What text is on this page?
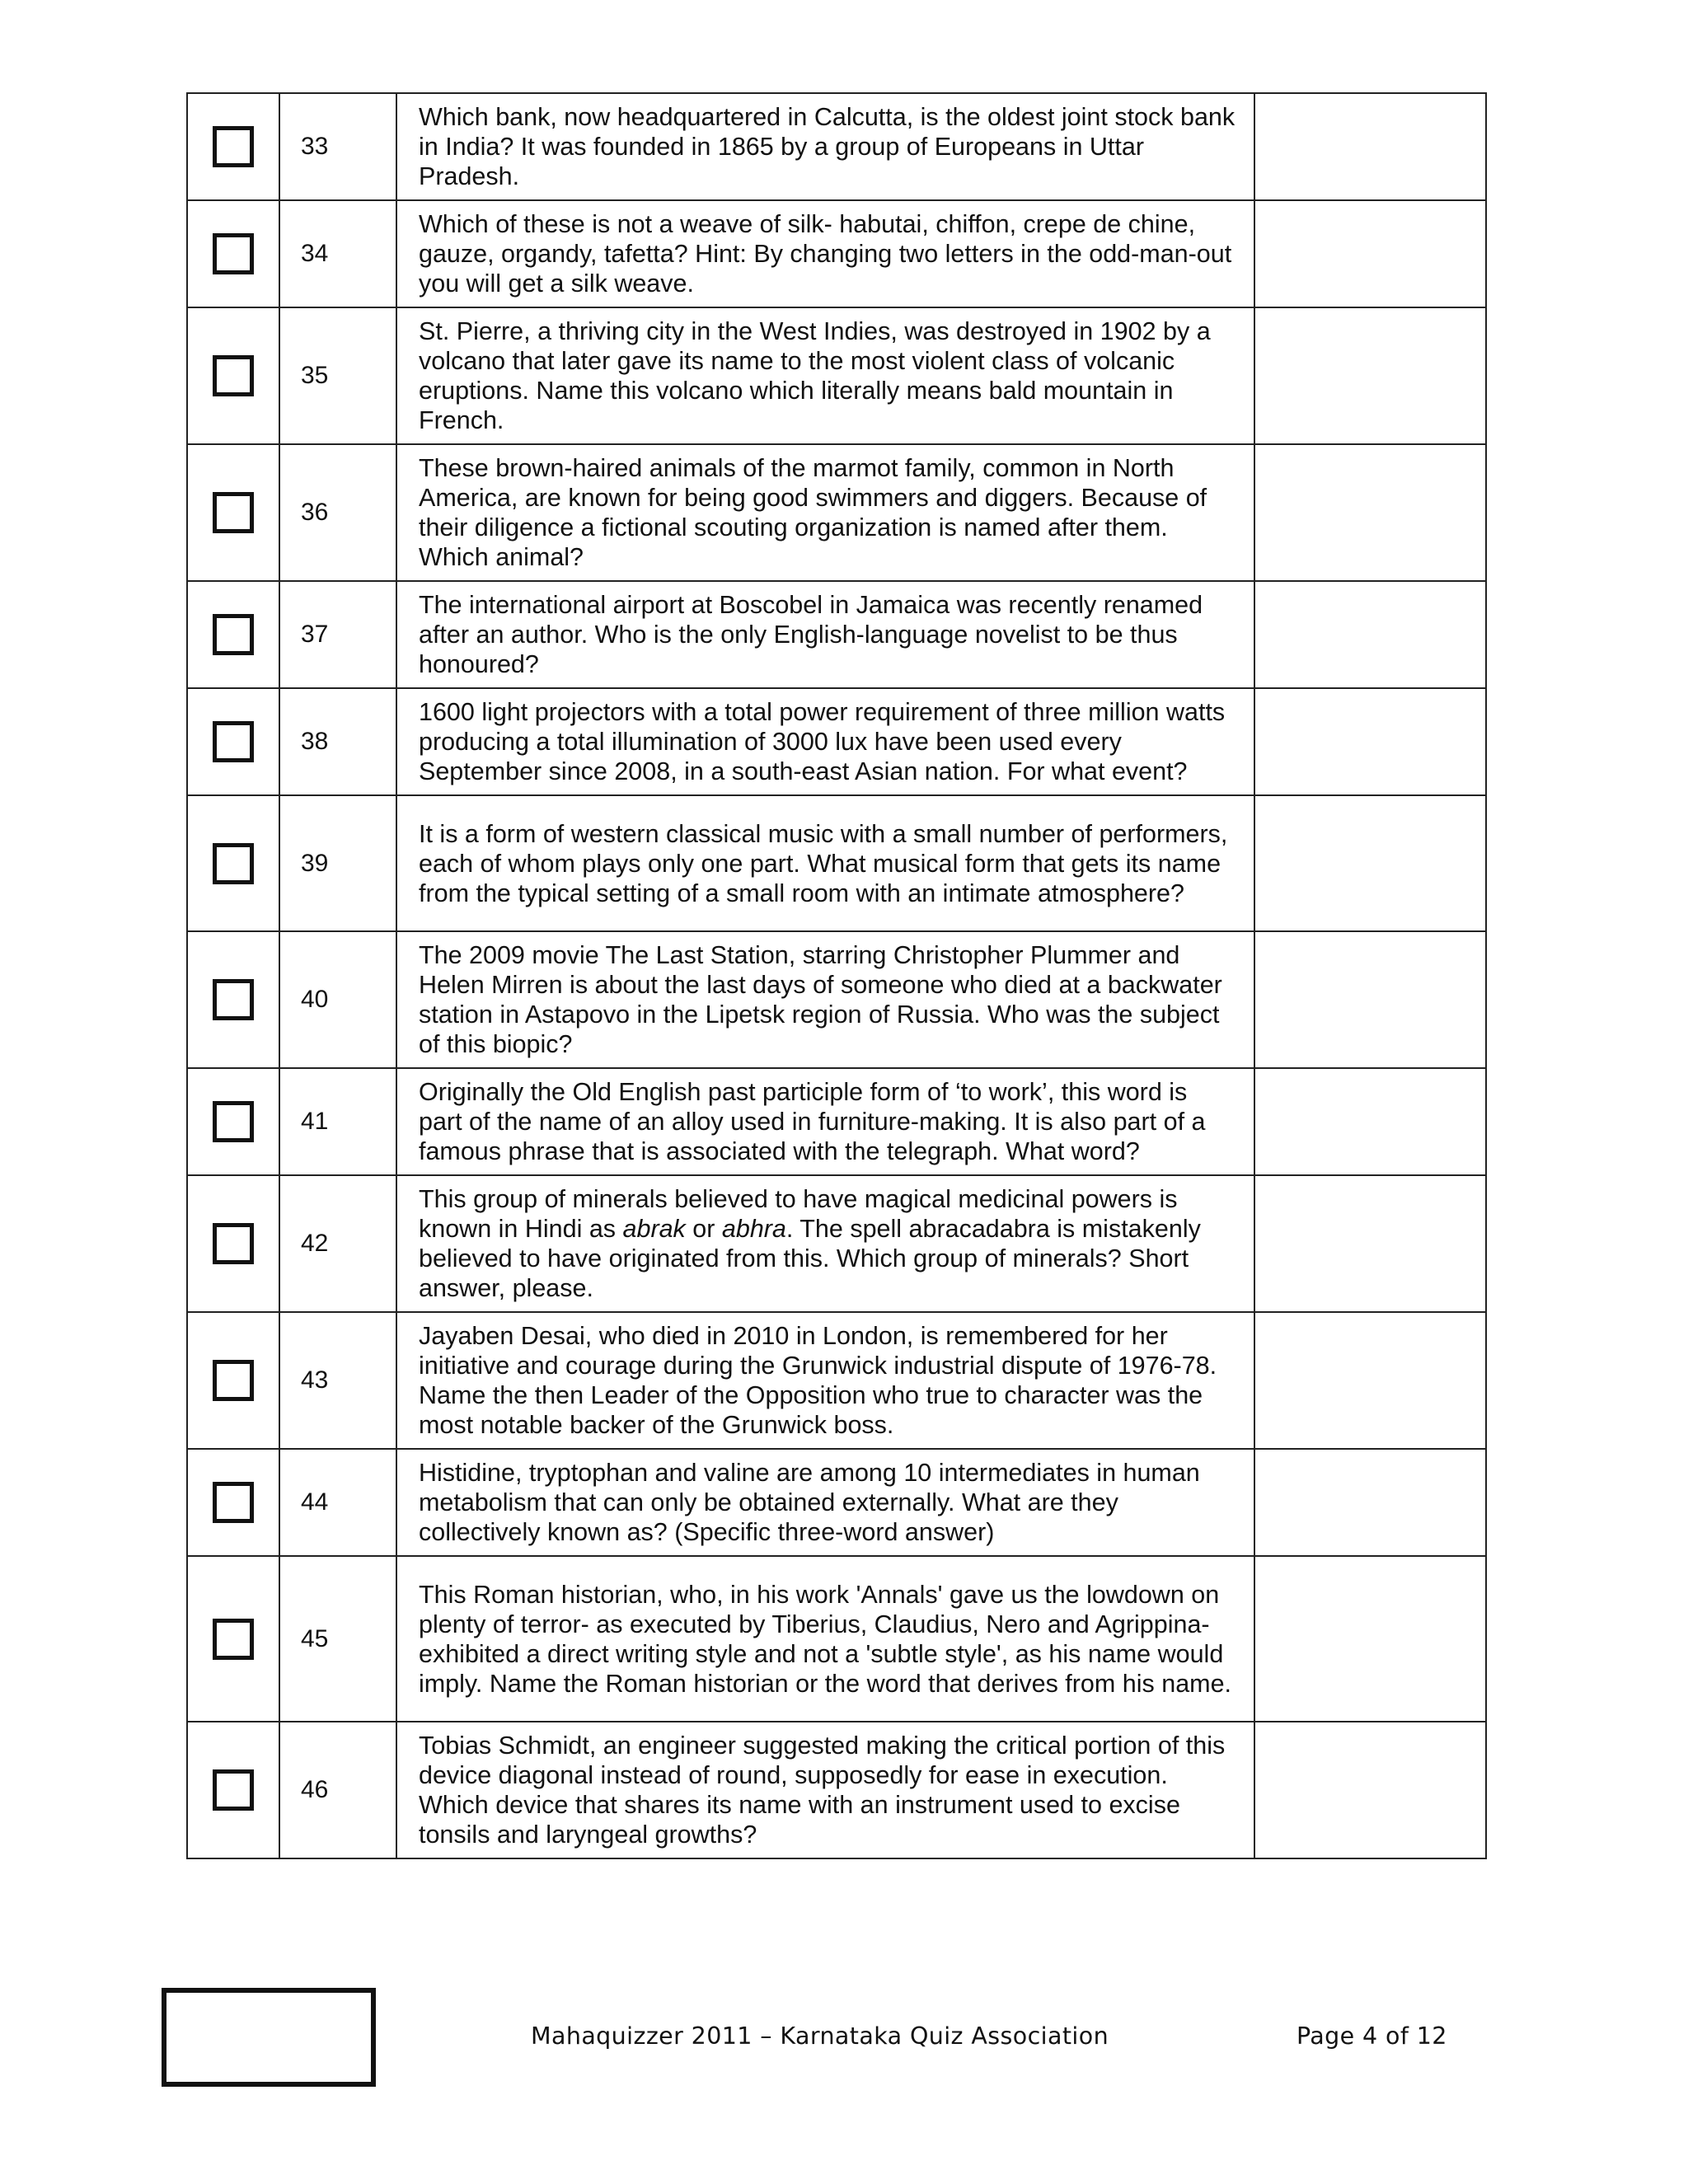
	33	Which bank, now headquartered in Calcutta, is the oldest joint stock bank in India? It was founded in 1865 by a group of Europeans in Uttar Pradesh.	
	34	Which of these is not a weave of silk- habutai, chiffon, crepe de chine, gauze, organdy, tafetta? Hint: By changing two letters in the odd-man-out you will get a silk weave.	
	35	St. Pierre, a thriving city in the West Indies, was destroyed in 1902 by a volcano that later gave its name to the most violent class of volcanic eruptions. Name this volcano which literally means bald mountain in French.	
	36	These brown-haired animals of the marmot family, common in North America, are known for being good swimmers and diggers. Because of their diligence a fictional scouting organization is named after them. Which animal?	
	37	The international airport at Boscobel in Jamaica was recently renamed after an author. Who is the only English-language novelist to be thus honoured?	
	38	1600 light projectors with a total power requirement of three million watts producing a total illumination of 3000 lux have been used every September since 2008, in a south-east Asian nation. For what event?	
	39	It is a form of western classical music with a small number of performers, each of whom plays only one part. What musical form that gets its name from the typical setting of a small room with an intimate atmosphere?	
	40	The 2009 movie The Last Station, starring Christopher Plummer and Helen Mirren is about the last days of someone who died at a backwater station in Astapovo in the Lipetsk region of Russia. Who was the subject of this biopic?	
	41	Originally the Old English past participle form of ‘to work’, this word is part of the name of an alloy used in furniture-making. It is also part of a famous phrase that is associated with the telegraph. What word?	
	42	This group of minerals believed to have magical medicinal powers is known in Hindi as abrak or abhra. The spell abracadabra is mistakenly believed to have originated from this. Which group of minerals? Short answer, please.	
	43	Jayaben Desai, who died in 2010 in London, is remembered for her initiative and courage during the Grunwick industrial dispute of 1976-78. Name the then Leader of the Opposition who true to character was the most notable backer of the Grunwick boss.	
	44	Histidine, tryptophan and valine are among 10 intermediates in human metabolism that can only be obtained externally. What are they collectively known as? (Specific three-word answer)	
	45	This Roman historian, who, in his work 'Annals' gave us the lowdown on plenty of terror- as executed by Tiberius, Claudius, Nero and Agrippina- exhibited a direct writing style and not a 'subtle style', as his name would imply. Name the Roman historian or the word that derives from his name.	
	46	Tobias Schmidt, an engineer suggested making the critical portion of this device diagonal instead of round, supposedly for ease in execution. Which device that shares its name with an instrument used to excise tonsils and laryngeal growths?	
Mahaquizzer 2011 – Karnataka Quiz Association	Page 4 of 12
